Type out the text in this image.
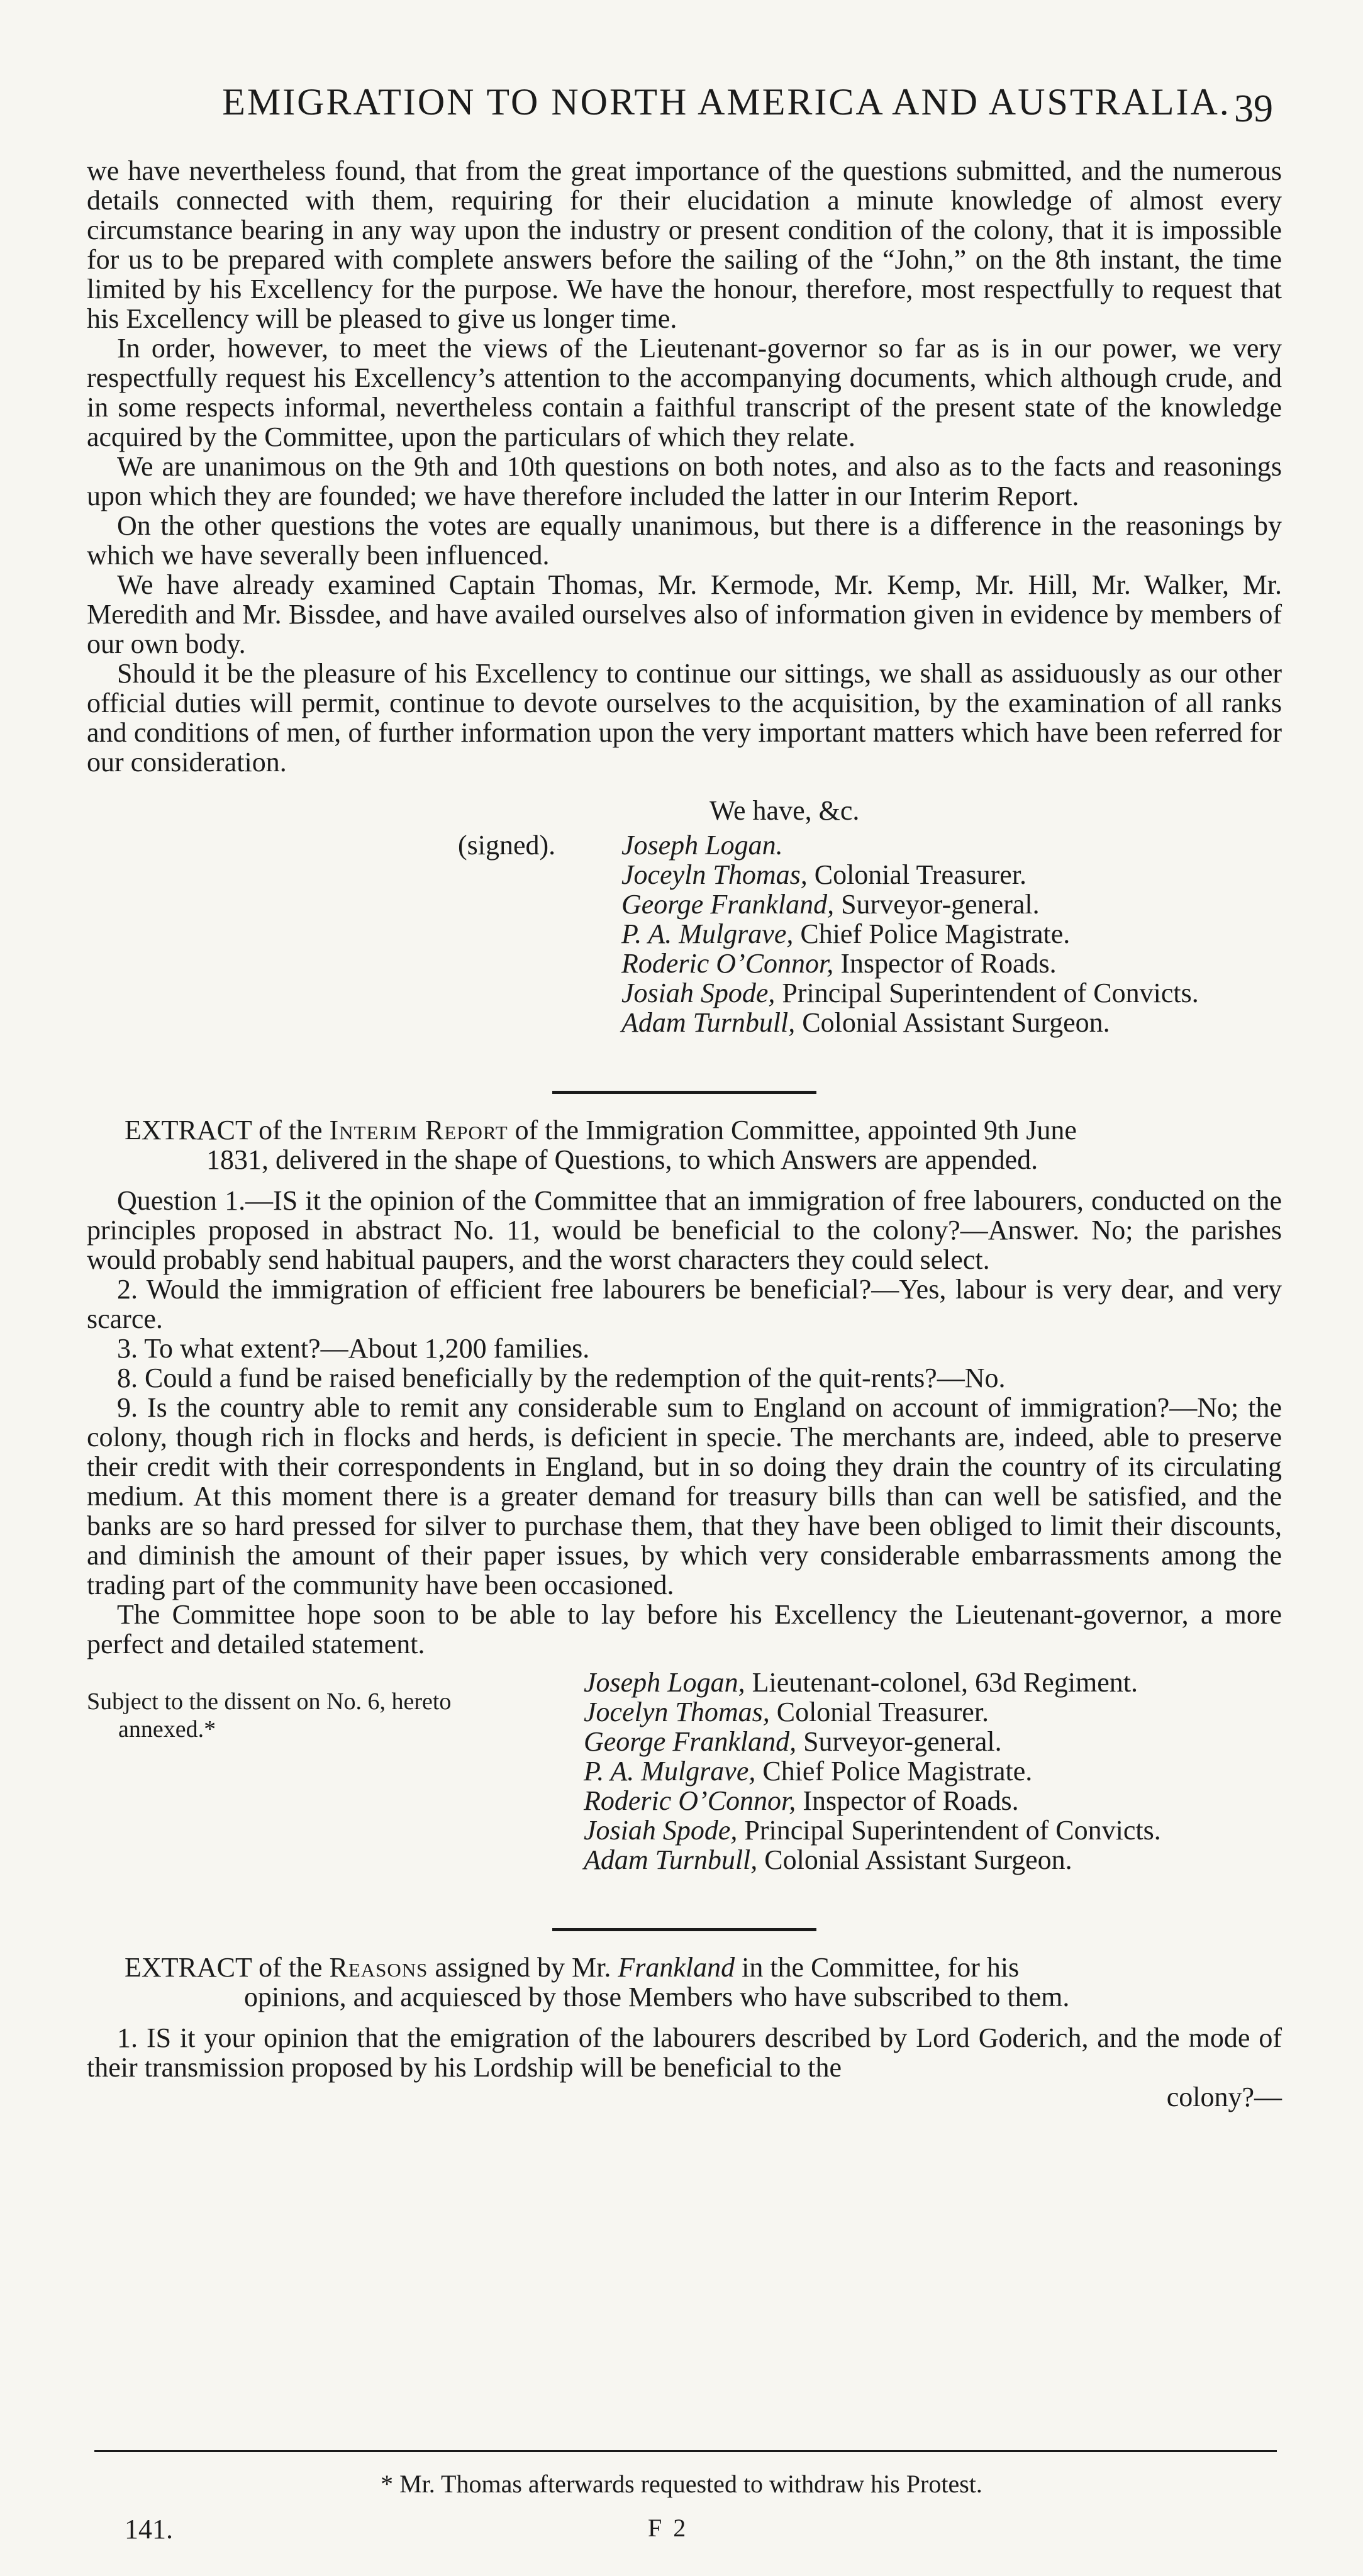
EMIGRATION TO NORTH AMERICA AND AUSTRALIA. 39

we have nevertheless found, that from the great importance of the questions submitted, and the numerous details connected with them, requiring for their elucidation a minute knowledge of almost every circumstance bearing in any way upon the industry or present condition of the colony, that it is impossible for us to be prepared with complete answers before the sailing of the “John,” on the 8th instant, the time limited by his Excellency for the purpose. We have the honour, therefore, most respectfully to request that his Excellency will be pleased to give us longer time.

In order, however, to meet the views of the Lieutenant-governor so far as is in our power, we very respectfully request his Excellency’s attention to the accompanying documents, which although crude, and in some respects informal, nevertheless contain a faithful transcript of the present state of the knowledge acquired by the Committee, upon the particulars of which they relate.

We are unanimous on the 9th and 10th questions on both notes, and also as to the facts and reasonings upon which they are founded; we have therefore included the latter in our Interim Report.

On the other questions the votes are equally unanimous, but there is a difference in the reasonings by which we have severally been influenced.

We have already examined Captain Thomas, Mr. Kermode, Mr. Kemp, Mr. Hill, Mr. Walker, Mr. Meredith and Mr. Bissdee, and have availed ourselves also of information given in evidence by members of our own body.

Should it be the pleasure of his Excellency to continue our sittings, we shall as assiduously as our other official duties will permit, continue to devote ourselves to the acquisition, by the examination of all ranks and conditions of men, of further information upon the very important matters which have been referred for our consideration.

We have, &c.

(signed). Joseph Logan.
Joceyln Thomas, Colonial Treasurer.
George Frankland, Surveyor-general.
P. A. Mulgrave, Chief Police Magistrate.
Roderic O’Connor, Inspector of Roads.
Josiah Spode, Principal Superintendent of Convicts.
Adam Turnbull, Colonial Assistant Surgeon.

EXTRACT of the Interim Report of the Immigration Committee, appointed 9th June

1831, delivered in the shape of Questions, to which Answers are appended.

Question 1.—IS it the opinion of the Committee that an immigration of free labourers, conducted on the principles proposed in abstract No. 11, would be beneficial to the colony?—Answer. No; the parishes would probably send habitual paupers, and the worst characters they could select.

2. Would the immigration of efficient free labourers be beneficial?—Yes, labour is very dear, and very scarce.

3. To what extent?—About 1,200 families.

8. Could a fund be raised beneficially by the redemption of the quit-rents?—No.

9. Is the country able to remit any considerable sum to England on account of immigration?—No; the colony, though rich in flocks and herds, is deficient in specie. The merchants are, indeed, able to preserve their credit with their correspondents in England, but in so doing they drain the country of its circulating medium. At this moment there is a greater demand for treasury bills than can well be satisfied, and the banks are so hard pressed for silver to purchase them, that they have been obliged to limit their discounts, and diminish the amount of their paper issues, by which very considerable embarrassments among the trading part of the community have been occasioned.

The Committee hope soon to be able to lay before his Excellency the Lieutenant-governor, a more perfect and detailed statement.

Subject to the dissent on No. 6, hereto
annexed.*
Joseph Logan, Lieutenant-colonel, 63d Regiment.
Jocelyn Thomas, Colonial Treasurer.
George Frankland, Surveyor-general.
P. A. Mulgrave, Chief Police Magistrate.
Roderic O’Connor, Inspector of Roads.
Josiah Spode, Principal Superintendent of Convicts.
Adam Turnbull, Colonial Assistant Surgeon.

EXTRACT of the Reasons assigned by Mr. Frankland in the Committee, for his

opinions, and acquiesced by those Members who have subscribed to them.

1. IS it your opinion that the emigration of the labourers described by Lord Goderich, and the mode of their transmission proposed by his Lordship will be beneficial to the

colony?—

* Mr. Thomas afterwards requested to withdraw his Protest.
141.	F 2
